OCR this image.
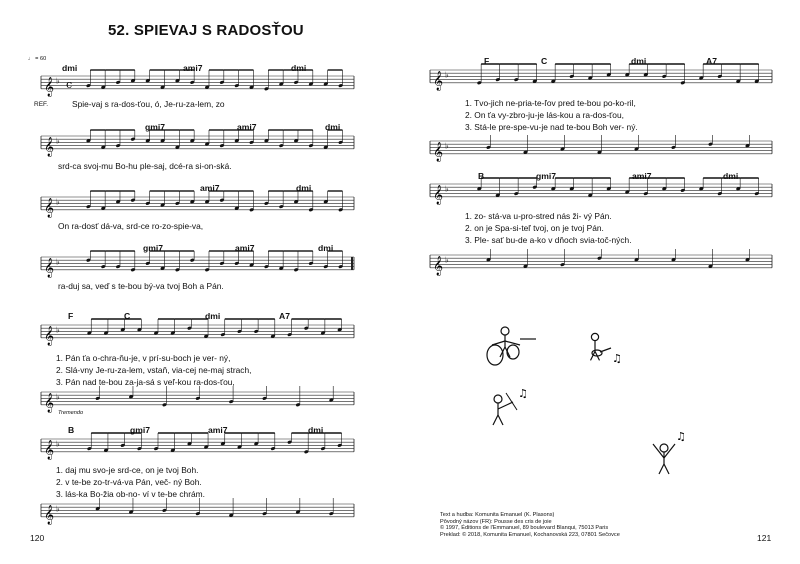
52. SPIEVAJ S RADOSŤOU
𝄞 ♭
𝄞 ♭
𝄞 ♭
𝄞 ♭
c
𝄞 ♭
𝄞 ♭
𝄞 ♭
𝄞 ♭
𝄞 ♭
𝄞 ♭
𝄞 ♭
𝄞 ♭
♫
♫
♫
dmi	ami7	dmi
gmi7	ami7	dmi
ami7	dmi
gmi7	ami7	dmi
F	C	dmi	A7
B	gmi7	ami7	dmi
F	C	dmi	A7
B	gmi7	ami7	dmi
Spie-vaj s ra-dos-ťou, ó, Je-ru-za-lem, zo
srd-ca svoj-mu Bo-hu ple-saj, dcé-ra si-on-ská.
On ra-dosť dá-va, srd-ce ro-zo-spie-va,
ra-duj sa, veď s te-bou bý-va tvoj Boh a Pán.
1. Pán ťa o-chra-ňu-je, v prí-su-boch je ver- ný,
2. Slá-vny Je-ru-za-lem, vstaň, via-cej ne-maj strach,
3. Pán nad te-bou za-ja-sá s veľ-kou ra-dos-ťou,
1. daj mu svo-je srd-ce, on je tvoj Boh.
2. v te-be zo-tr-vá-va Pán, več- ný Boh.
3. lás-ka Bo-žia ob-no- ví v te-be chrám.
1. Tvo-jich ne-pria-te-ľov pred te-bou po-ko-ril,
2. On ťa vy-zbro-ju-je lás-kou a ra-dos-ťou,
3. Stá-le pre-spe-vu-je nad te-bou Boh ver- ný.
1. zo- stá-va u-pro-stred nás ži- vý Pán.
2. on je Spa-si-teľ tvoj, on je tvoj Pán.
3. Ple- sať bu-de a-ko v dňoch svia-toč-ných.
♩ = 60
REF.
Tremendo
120	121
Text a hudba: Komunita Emanuel (K. Plasons)
Pôvodný názov (FR): Pousse des cris de joie
© 1997, Éditions de l'Emmanuel, 89 boulevard Blanqui, 75013 Paris
Preklad: © 2018, Komunita Emanuel, Kochanovská 223, 07801 Sečovce
